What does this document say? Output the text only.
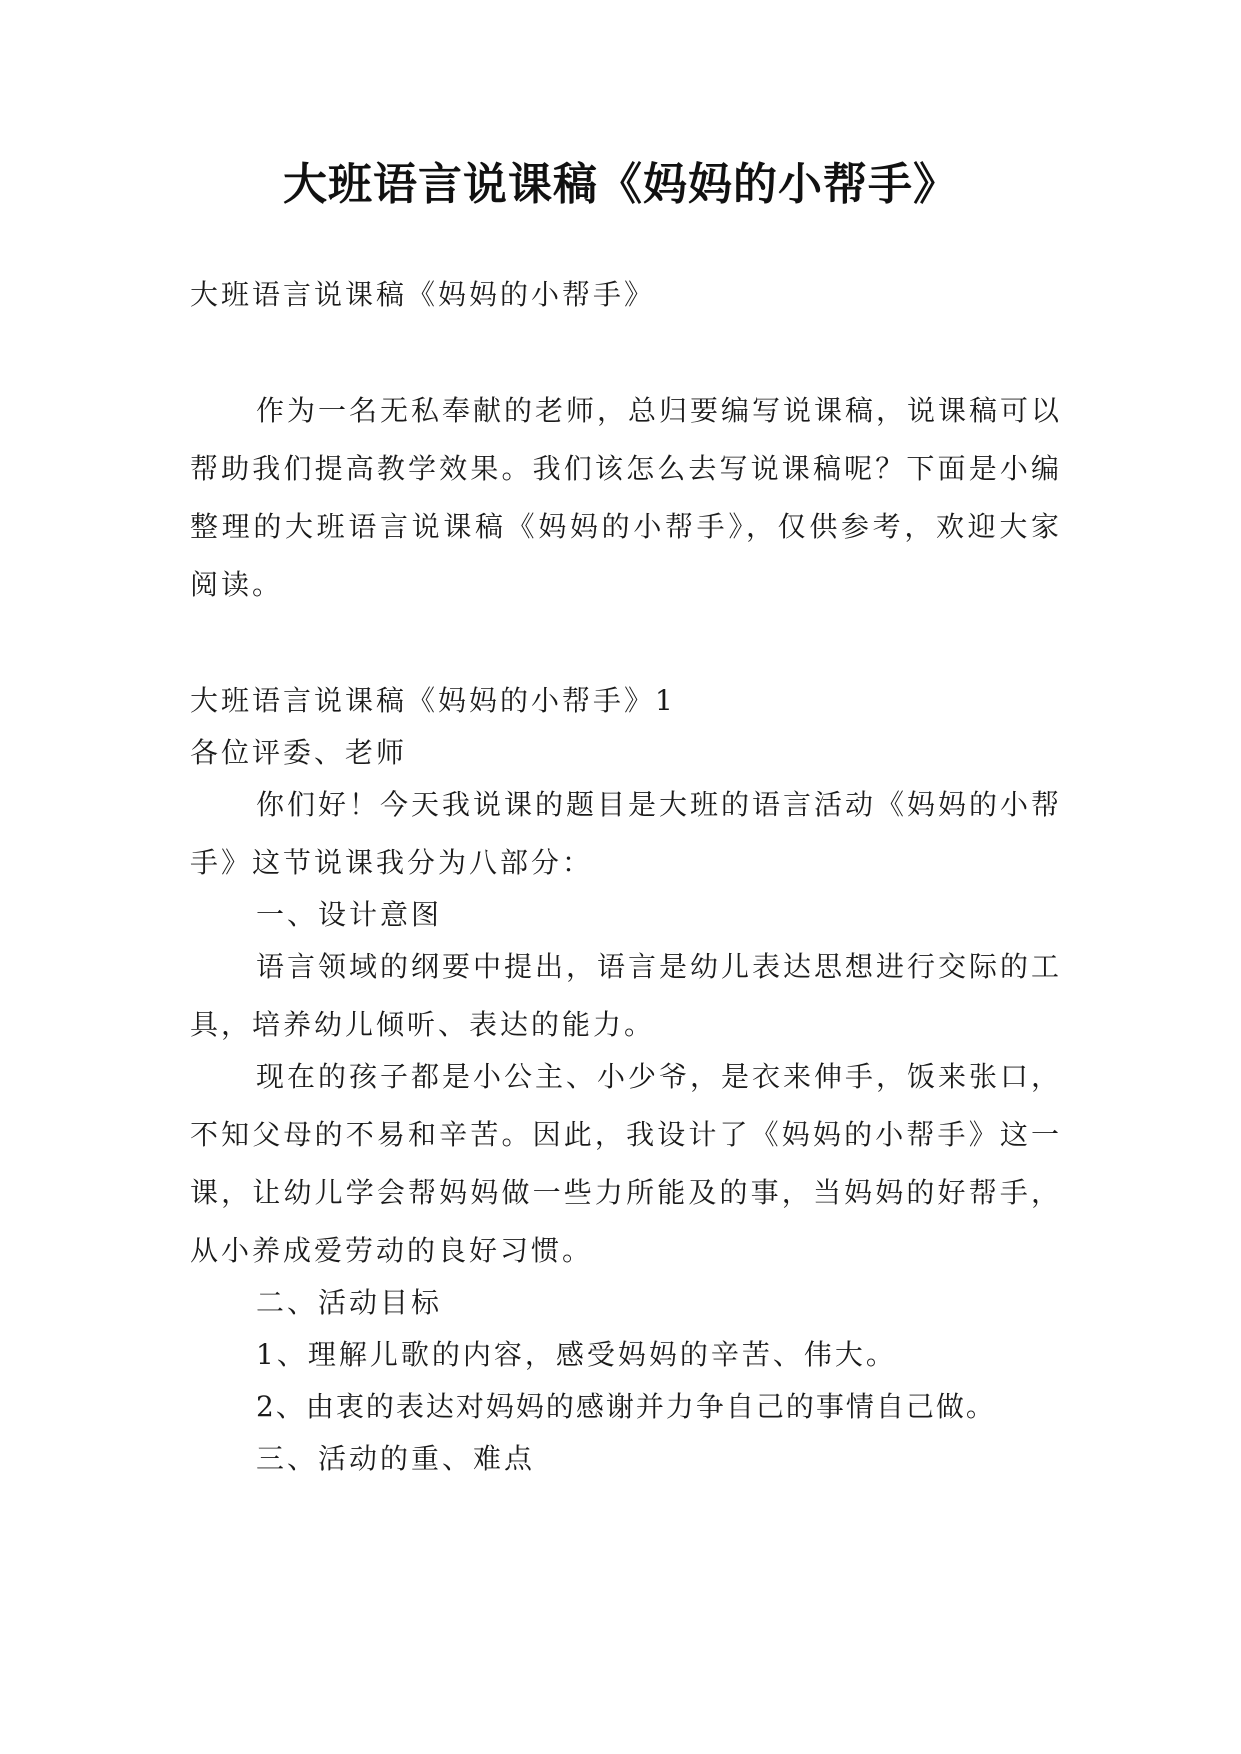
大班语言说课稿《妈妈的小帮手》

大班语言说课稿《妈妈的小帮手》

作为一名无私奉献的老师，总归要编写说课稿，说课稿可以帮助我们提高教学效果。我们该怎么去写说课稿呢？下面是小编整理的大班语言说课稿《妈妈的小帮手》，仅供参考，欢迎大家阅读。

大班语言说课稿《妈妈的小帮手》1

各位评委、老师

你们好！今天我说课的题目是大班的语言活动《妈妈的小帮手》这节说课我分为八部分：

一、设计意图

语言领域的纲要中提出，语言是幼儿表达思想进行交际的工具，培养幼儿倾听、表达的能力。

现在的孩子都是小公主、小少爷，是衣来伸手，饭来张口，不知父母的不易和辛苦。因此，我设计了《妈妈的小帮手》这一课，让幼儿学会帮妈妈做一些力所能及的事，当妈妈的好帮手，从小养成爱劳动的良好习惯。

二、活动目标

1、理解儿歌的内容，感受妈妈的辛苦、伟大。

2、由衷的表达对妈妈的感谢并力争自己的事情自己做。

三、活动的重、难点
